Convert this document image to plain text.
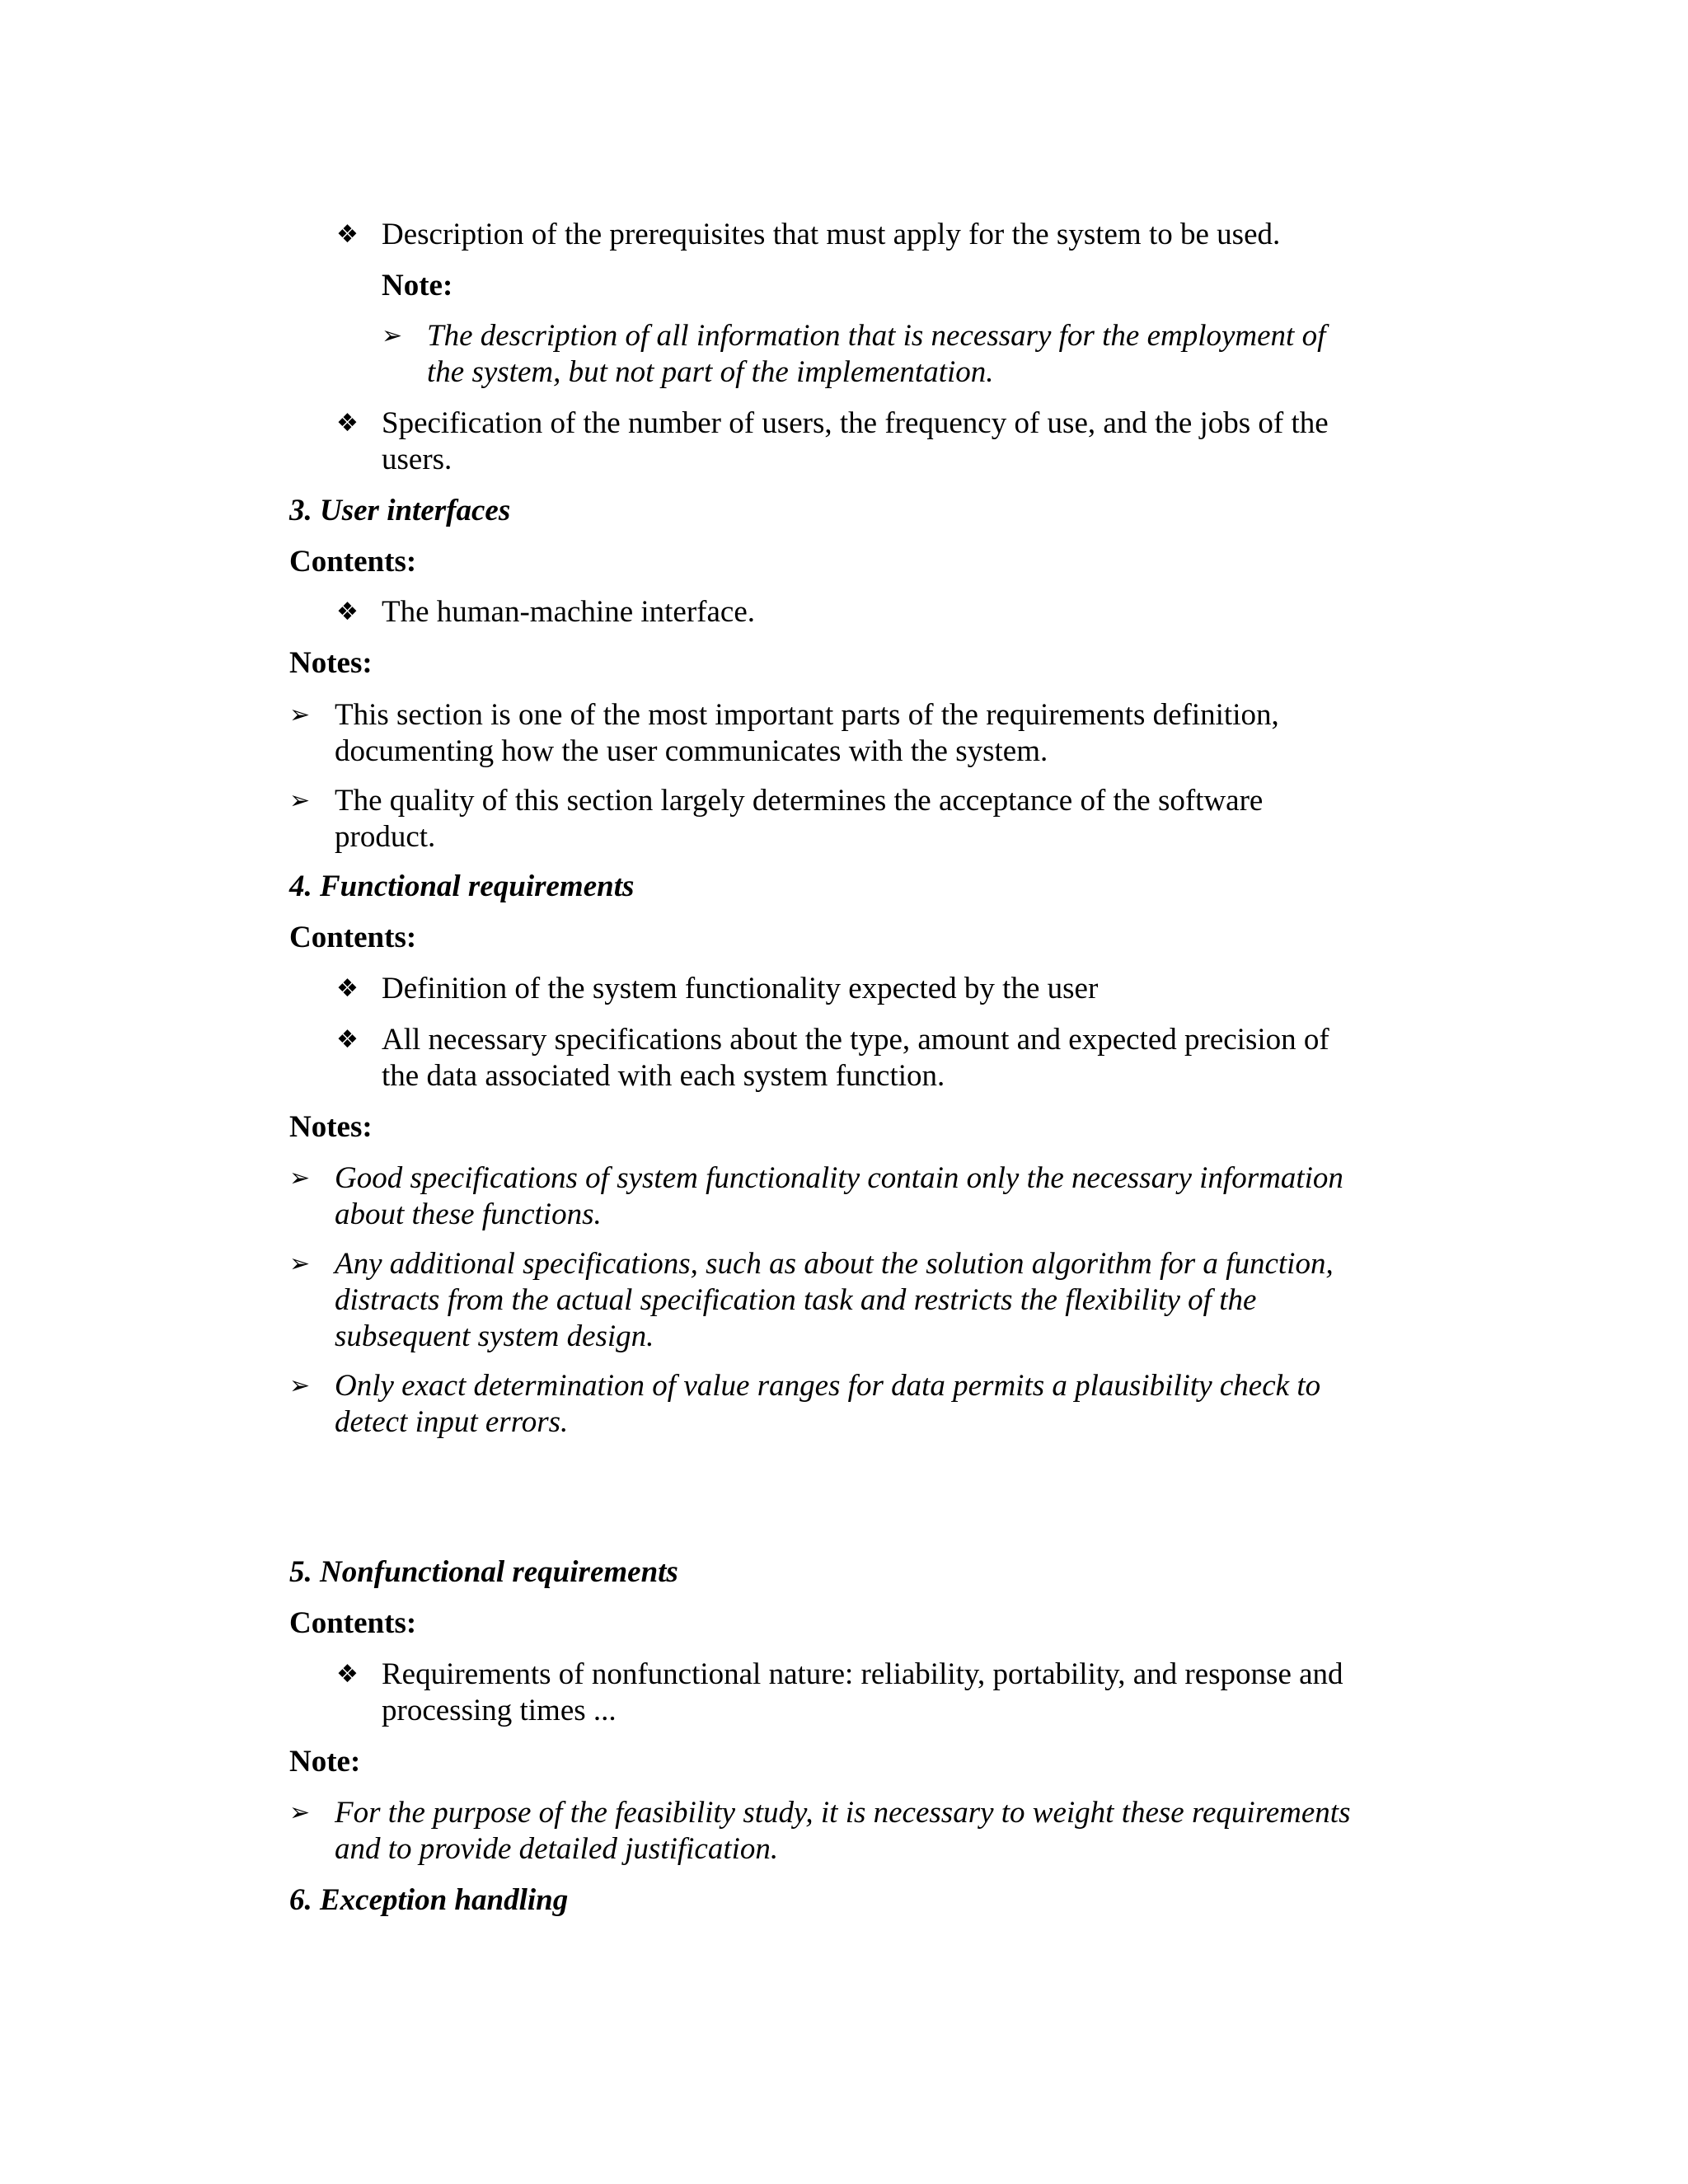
❖ Description of the prerequisites that must apply for the system to be used.
Note:
➢ The description of all information that is necessary for the employment of
the system, but not part of the implementation.
❖ Specification of the number of users, the frequency of use, and the jobs of the
users.
3. User interfaces
Contents:
❖ The human-machine interface.
Notes:
➢ This section is one of the most important parts of the requirements definition,
documenting how the user communicates with the system.
➢ The quality of this section largely determines the acceptance of the software
product.
4. Functional requirements
Contents:
❖ Definition of the system functionality expected by the user
❖ All necessary specifications about the type, amount and expected precision of
the data associated with each system function.
Notes:
➢ Good specifications of system functionality contain only the necessary information
about these functions.
➢ Any additional specifications, such as about the solution algorithm for a function,
distracts from the actual specification task and restricts the flexibility of the
subsequent system design.
➢ Only exact determination of value ranges for data permits a plausibility check to
detect input errors.
5. Nonfunctional requirements
Contents:
❖ Requirements of nonfunctional nature: reliability, portability, and response and
processing times ...
Note:
➢ For the purpose of the feasibility study, it is necessary to weight these requirements
and to provide detailed justification.
6. Exception handling
